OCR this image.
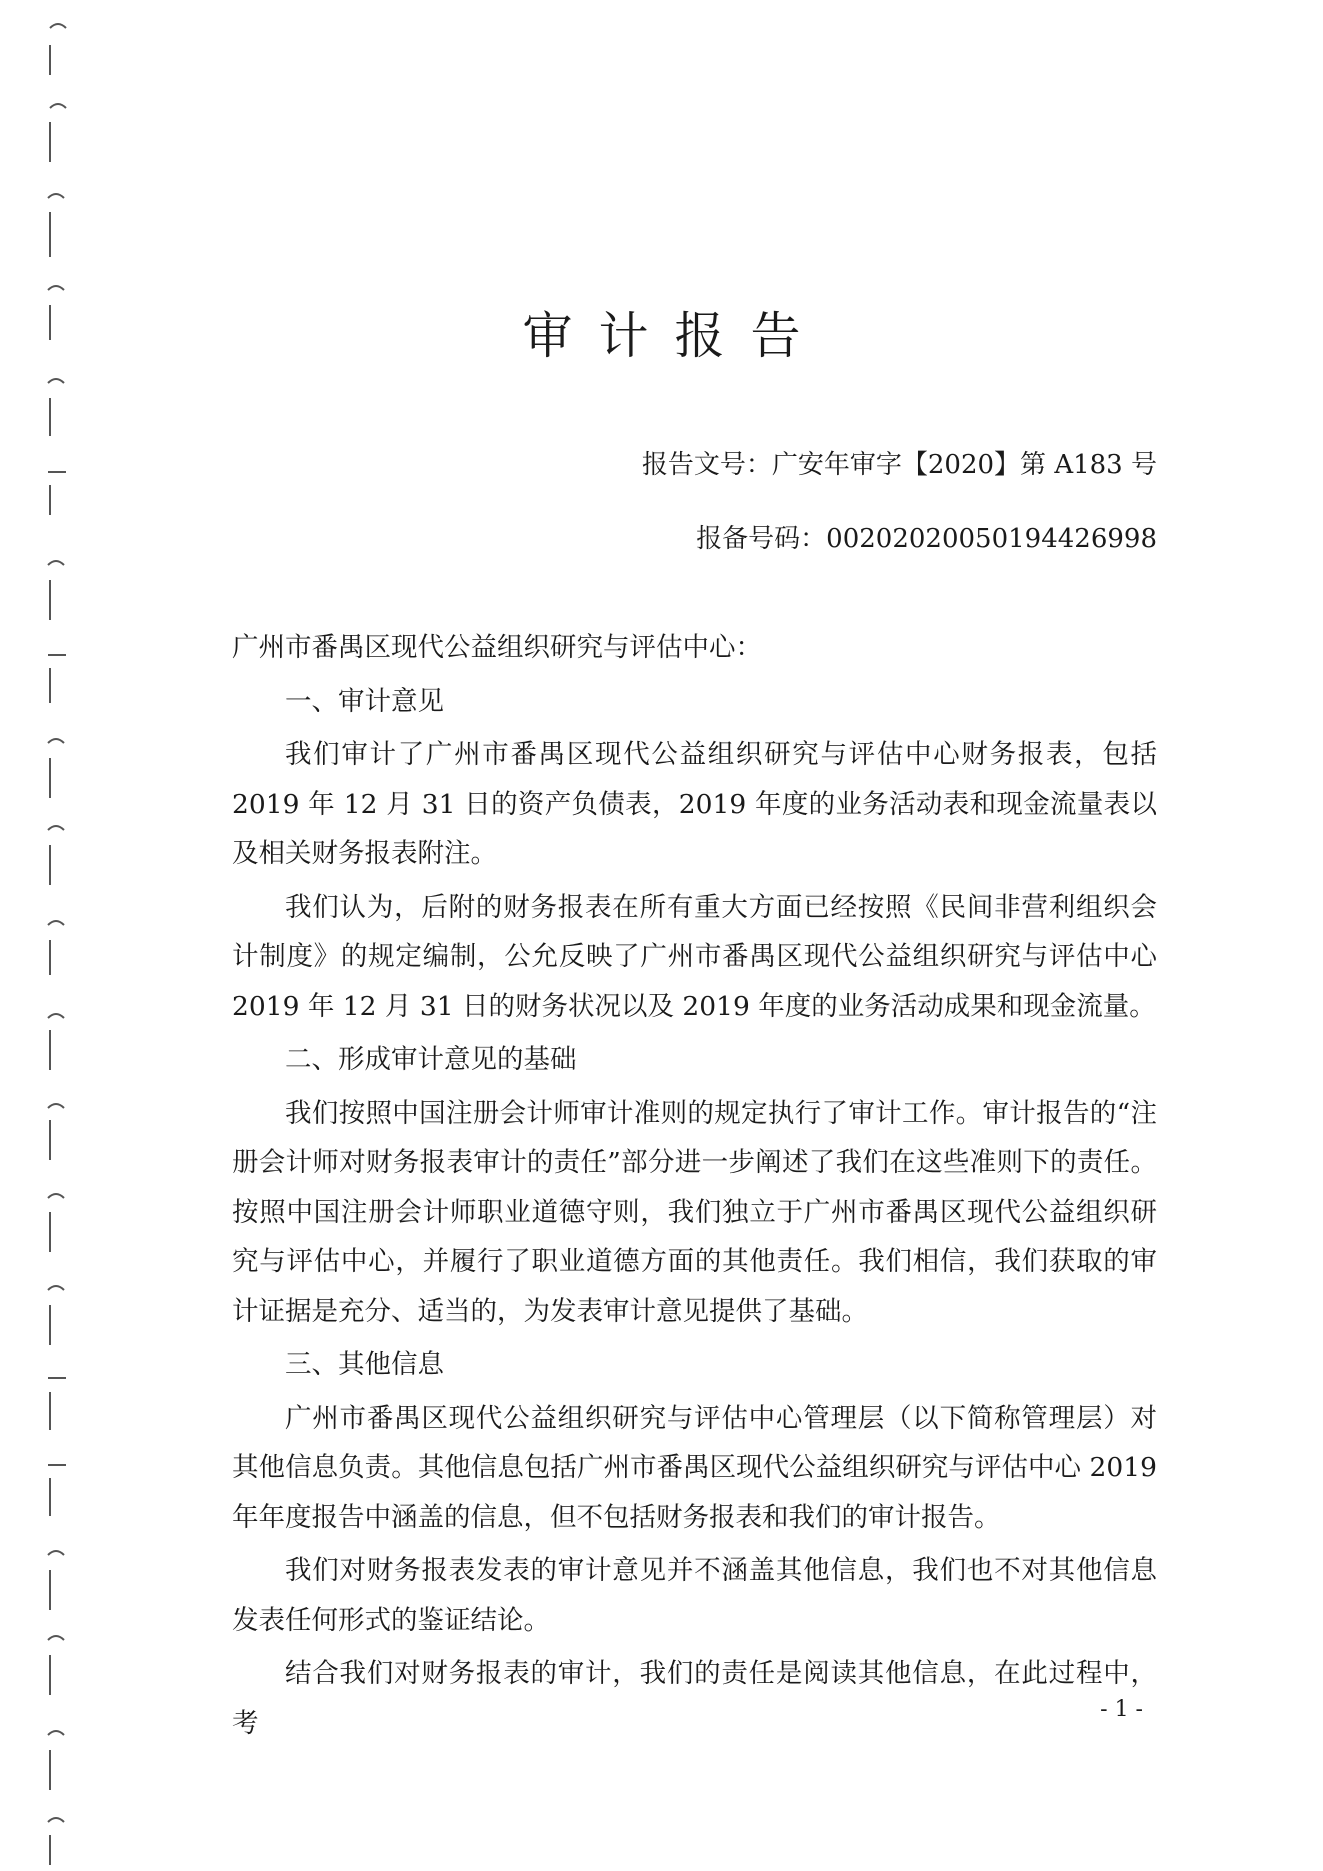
审计报告
报告文号：广安年审字【2020】第 A183 号
报备号码：00202020050194426998

广州市番禺区现代公益组织研究与评估中心：

一、审计意见

我们审计了广州市番禺区现代公益组织研究与评估中心财务报表，包括 2019 年 12 月 31 日的资产负债表，2019 年度的业务活动表和现金流量表以及相关财务报表附注。

我们认为，后附的财务报表在所有重大方面已经按照《民间非营利组织会计制度》的规定编制，公允反映了广州市番禺区现代公益组织研究与评估中心 2019 年 12 月 31 日的财务状况以及 2019 年度的业务活动成果和现金流量。

二、形成审计意见的基础

我们按照中国注册会计师审计准则的规定执行了审计工作。审计报告的“注册会计师对财务报表审计的责任”部分进一步阐述了我们在这些准则下的责任。按照中国注册会计师职业道德守则，我们独立于广州市番禺区现代公益组织研究与评估中心，并履行了职业道德方面的其他责任。我们相信，我们获取的审计证据是充分、适当的，为发表审计意见提供了基础。

三、其他信息

广州市番禺区现代公益组织研究与评估中心管理层（以下简称管理层）对其他信息负责。其他信息包括广州市番禺区现代公益组织研究与评估中心 2019 年年度报告中涵盖的信息，但不包括财务报表和我们的审计报告。

我们对财务报表发表的审计意见并不涵盖其他信息，我们也不对其他信息发表任何形式的鉴证结论。

结合我们对财务报表的审计，我们的责任是阅读其他信息，在此过程中，考	- 1 -
